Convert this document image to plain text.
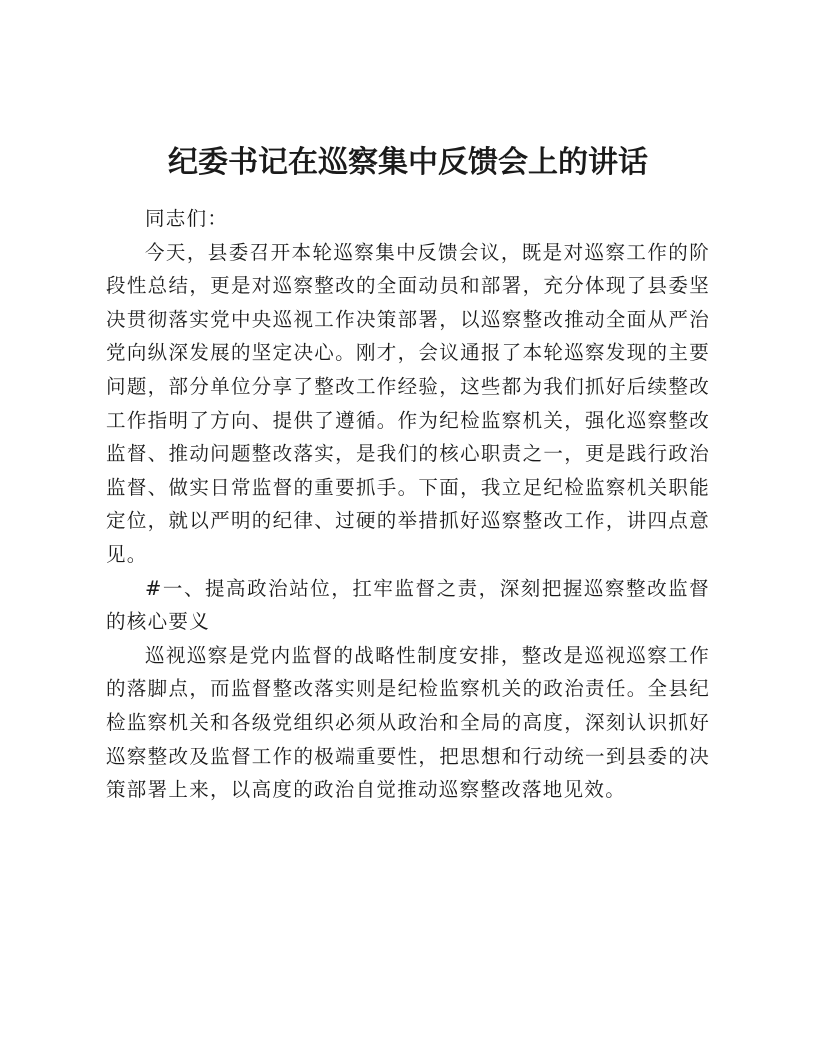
纪委书记在巡察集中反馈会上的讲话

同志们：

今天，县委召开本轮巡察集中反馈会议，既是对巡察工作的阶段性总结，更是对巡察整改的全面动员和部署，充分体现了县委坚决贯彻落实党中央巡视工作决策部署，以巡察整改推动全面从严治党向纵深发展的坚定决心。刚才，会议通报了本轮巡察发现的主要问题，部分单位分享了整改工作经验，这些都为我们抓好后续整改工作指明了方向、提供了遵循。作为纪检监察机关，强化巡察整改监督、推动问题整改落实，是我们的核心职责之一，更是践行政治监督、做实日常监督的重要抓手。下面，我立足纪检监察机关职能定位，就以严明的纪律、过硬的举措抓好巡察整改工作，讲四点意见。

#一、提高政治站位，扛牢监督之责，深刻把握巡察整改监督的核心要义

巡视巡察是党内监督的战略性制度安排，整改是巡视巡察工作的落脚点，而监督整改落实则是纪检监察机关的政治责任。全县纪检监察机关和各级党组织必须从政治和全局的高度，深刻认识抓好巡察整改及监督工作的极端重要性，把思想和行动统一到县委的决策部署上来，以高度的政治自觉推动巡察整改落地见效。
